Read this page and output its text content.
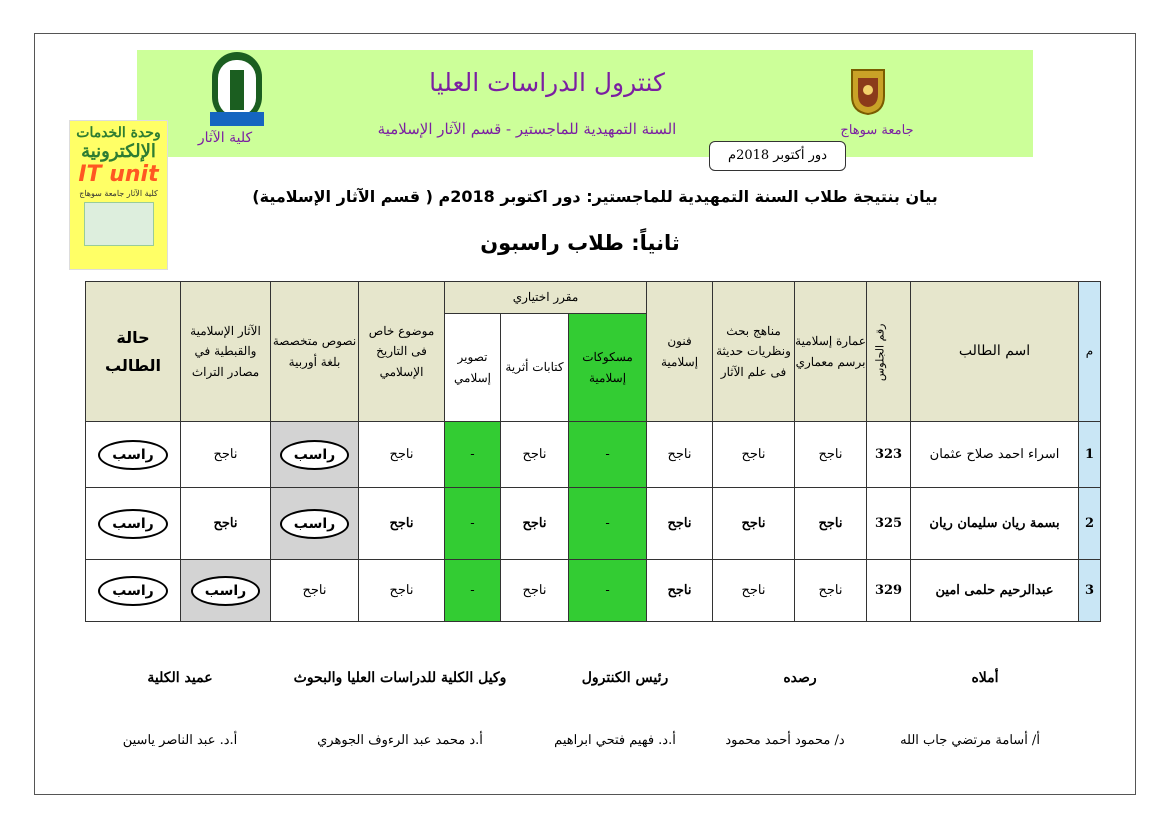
كنترول الدراسات العليا
السنة التمهيدية للماجستير - قسم الآثار الإسلامية
كلية الآثار	جامعة سوهاج
دور أكتوبر 2018م
وحدة الخدمات
الإلكترونية
IT unit
كلية الآثار جامعة سوهاج	بيان بنتيجة طلاب السنة التمهيدية للماجستير: دور اكتوبر 2018م ( قسم الآثار الإسلامية)
ثانياً: طلاب راسبون
م	اسم الطالب	رقم الجلوس	عمارة إسلامية برسم معماري	مناهج بحث ونظريات حديثة فى علم الآثار	فنون إسلامية	مقرر اختياري			موضوع خاص فى التاريخ الإسلامي	نصوص متخصصة بلغة أوربية	الآثار الإسلامية والقبطية في مصادر التراث	حالة الطالب
						مسكوكات إسلامية	كتابات أثرية	تصوير إسلامي				
1	اسراء احمد صلاح عثمان	323	ناجح	ناجح	ناجح	-	ناجح	-	ناجح	راسب	ناجح	راسب
2	بسمة ريان سليمان ريان	325	ناجح	ناجح	ناجح	-	ناجح	-	ناجح	راسب	ناجح	راسب
3	عبدالرحيم حلمى امين	329	ناجح	ناجح	ناجح	-	ناجح	-	ناجح	ناجح	راسب	راسب
أملاه
أ/ أسامة مرتضي جاب الله
رصده
د/ محمود أحمد محمود
رئيس الكنترول
أ.د. فهيم فتحي ابراهيم
وكيل الكلية للدراسات العليا والبحوث
أ.د محمد عبد الرءوف الجوهري
عميد الكلية
أ.د. عبد الناصر ياسين
